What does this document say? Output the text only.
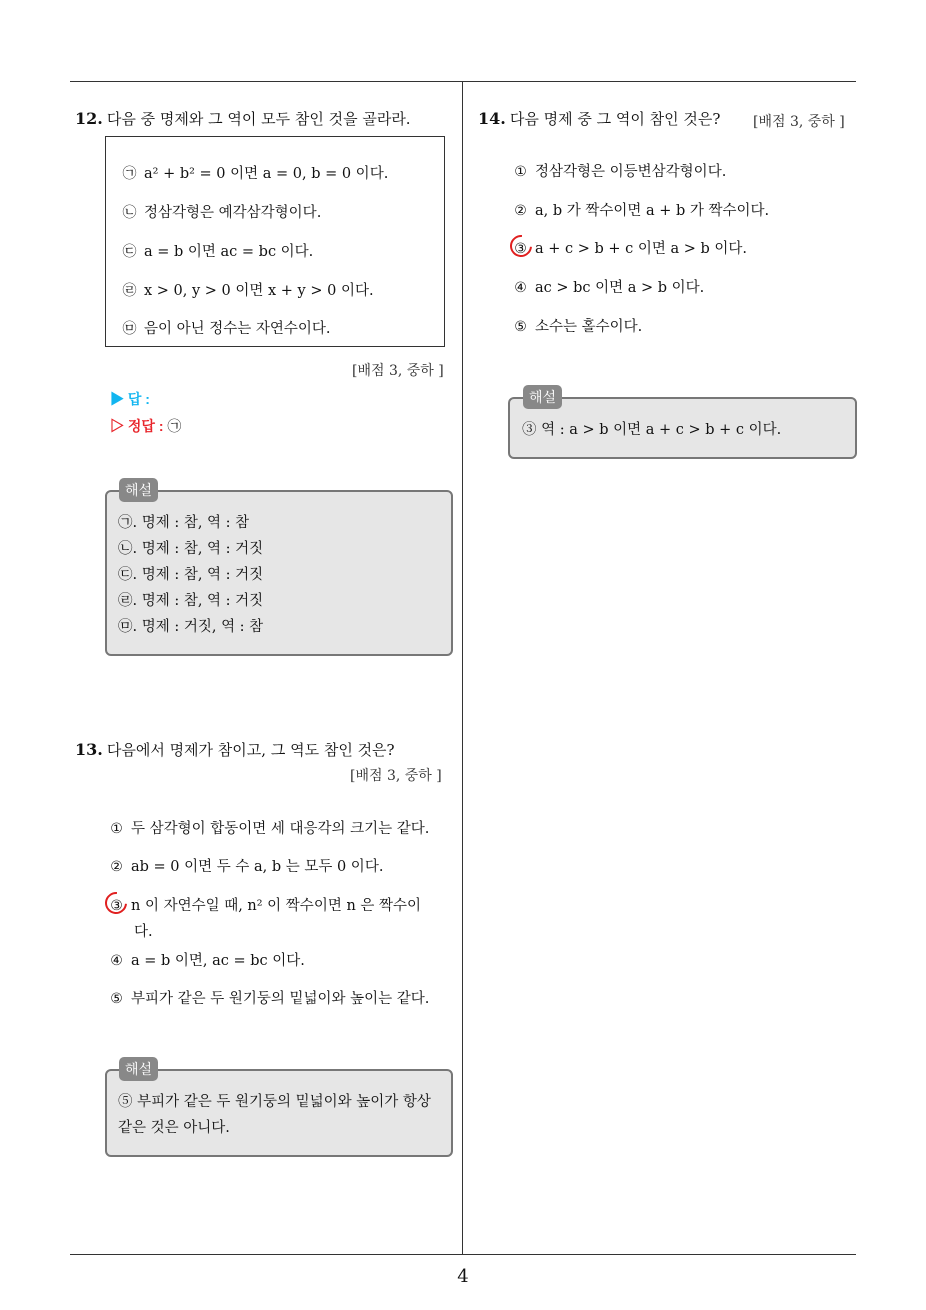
12. 다음 중 명제와 그 역이 모두 참인 것을 골라라.
㉠ a² + b² = 0 이면 a = 0, b = 0 이다.
㉡ 정삼각형은 예각삼각형이다.
㉢ a = b 이면 ac = bc 이다.
㉣ x > 0, y > 0 이면 x + y > 0 이다.
㉤ 음이 아닌 정수는 자연수이다.
[배점 3, 중하 ]
▶ 답 :
▷ 정답 : ㉠
해설
㉠. 명제 : 참, 역 : 참
㉡. 명제 : 참, 역 : 거짓
㉢. 명제 : 참, 역 : 거짓
㉣. 명제 : 참, 역 : 거짓
㉤. 명제 : 거짓, 역 : 참
13. 다음에서 명제가 참이고, 그 역도 참인 것은?
[배점 3, 중하 ]
① 두 삼각형이 합동이면 세 대응각의 크기는 같다.
② ab = 0 이면 두 수 a, b 는 모두 0 이다.
③ n 이 자연수일 때, n² 이 짝수이면 n 은 짝수이
다.
④ a = b 이면, ac = bc 이다.
⑤ 부피가 같은 두 원기둥의 밑넓이와 높이는 같다.
해설
⑤ 부피가 같은 두 원기둥의 밑넓이와 높이가 항상
같은 것은 아니다.
14. 다음 명제 중 그 역이 참인 것은? [배점 3, 중하 ]
① 정삼각형은 이등변삼각형이다.
② a, b 가 짝수이면 a + b 가 짝수이다.
③ a + c > b + c 이면 a > b 이다.
④ ac > bc 이면 a > b 이다.
⑤ 소수는 홀수이다.
해설
③ 역 : a > b 이면 a + c > b + c 이다.
4
